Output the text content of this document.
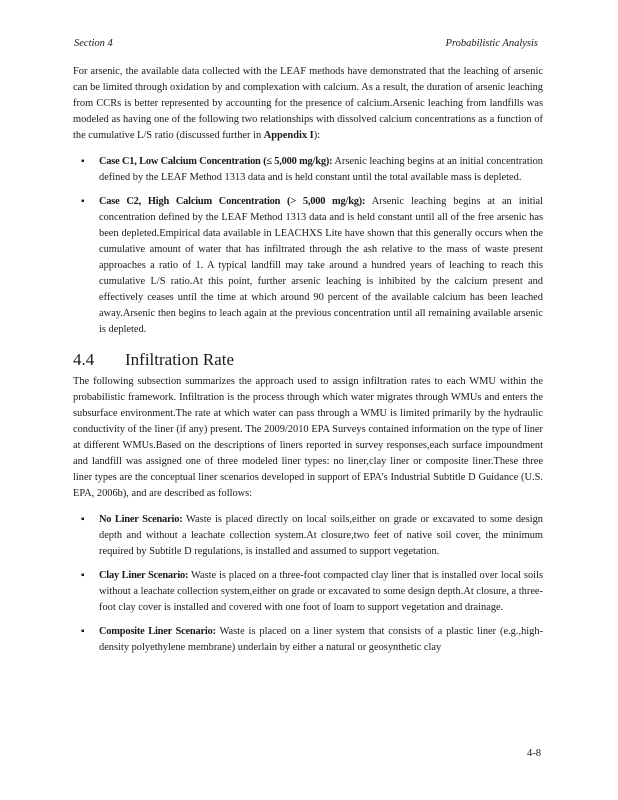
Section 4	Probabilistic Analysis

For arsenic, the available data collected with the LEAF methods have demonstrated that the leaching of arsenic can be limited through oxidation by and complexation with calcium. As a result, the duration of arsenic leaching from CCRs is better represented by accounting for the presence of calcium.Arsenic leaching from landfills was modeled as having one of the following two relationships with dissolved calcium concentrations as a function of the cumulative L/S ratio (discussed further in Appendix I):

▪ Case C1, Low Calcium Concentration (≤ 5,000 mg/kg): Arsenic leaching begins at an initial concentration defined by the LEAF Method 1313 data and is held constant until the total available mass is depleted.
▪ Case C2, High Calcium Concentration (> 5,000 mg/kg): Arsenic leaching begins at an initial concentration defined by the LEAF Method 1313 data and is held constant until all of the free arsenic has been depleted.Empirical data available in LEACHXS Lite have shown that this generally occurs when the cumulative amount of water that has infiltrated through the ash relative to the mass of waste present approaches a ratio of 1. A typical landfill may take around a hundred years of leaching to reach this cumulative L/S ratio.At this point, further arsenic leaching is inhibited by the calcium present and effectively ceases until the time at which around 90 percent of the available calcium has been leached away.Arsenic then begins to leach again at the previous concentration until all remaining available arsenic is depleted.
4.4 Infiltration Rate

The following subsection summarizes the approach used to assign infiltration rates to each WMU within the probabilistic framework. Infiltration is the process through which water migrates through WMUs and enters the subsurface environment.The rate at which water can pass through a WMU is limited primarily by the hydraulic conductivity of the liner (if any) present. The 2009/2010 EPA Surveys contained information on the type of liner at different WMUs.Based on the descriptions of liners reported in survey responses,each surface impoundment and landfill was assigned one of three modeled liner types: no liner,clay liner or composite liner.These three liner types are the conceptual liner scenarios developed in support of EPA’s Industrial Subtitle D Guidance (U.S. EPA, 2006b), and are described as follows:

▪ No Liner Scenario: Waste is placed directly on local soils,either on grade or excavated to some design depth and without a leachate collection system.At closure,two feet of native soil cover, the minimum required by Subtitle D regulations, is installed and assumed to support vegetation.
▪ Clay Liner Scenario: Waste is placed on a three-foot compacted clay liner that is installed over local soils without a leachate collection system,either on grade or excavated to some design depth.At closure, a three-foot clay cover is installed and covered with one foot of loam to support vegetation and drainage.
▪ Composite Liner Scenario: Waste is placed on a liner system that consists of a plastic liner (e.g.,high-density polyethylene membrane) underlain by either a natural or geosynthetic clay
4-8
